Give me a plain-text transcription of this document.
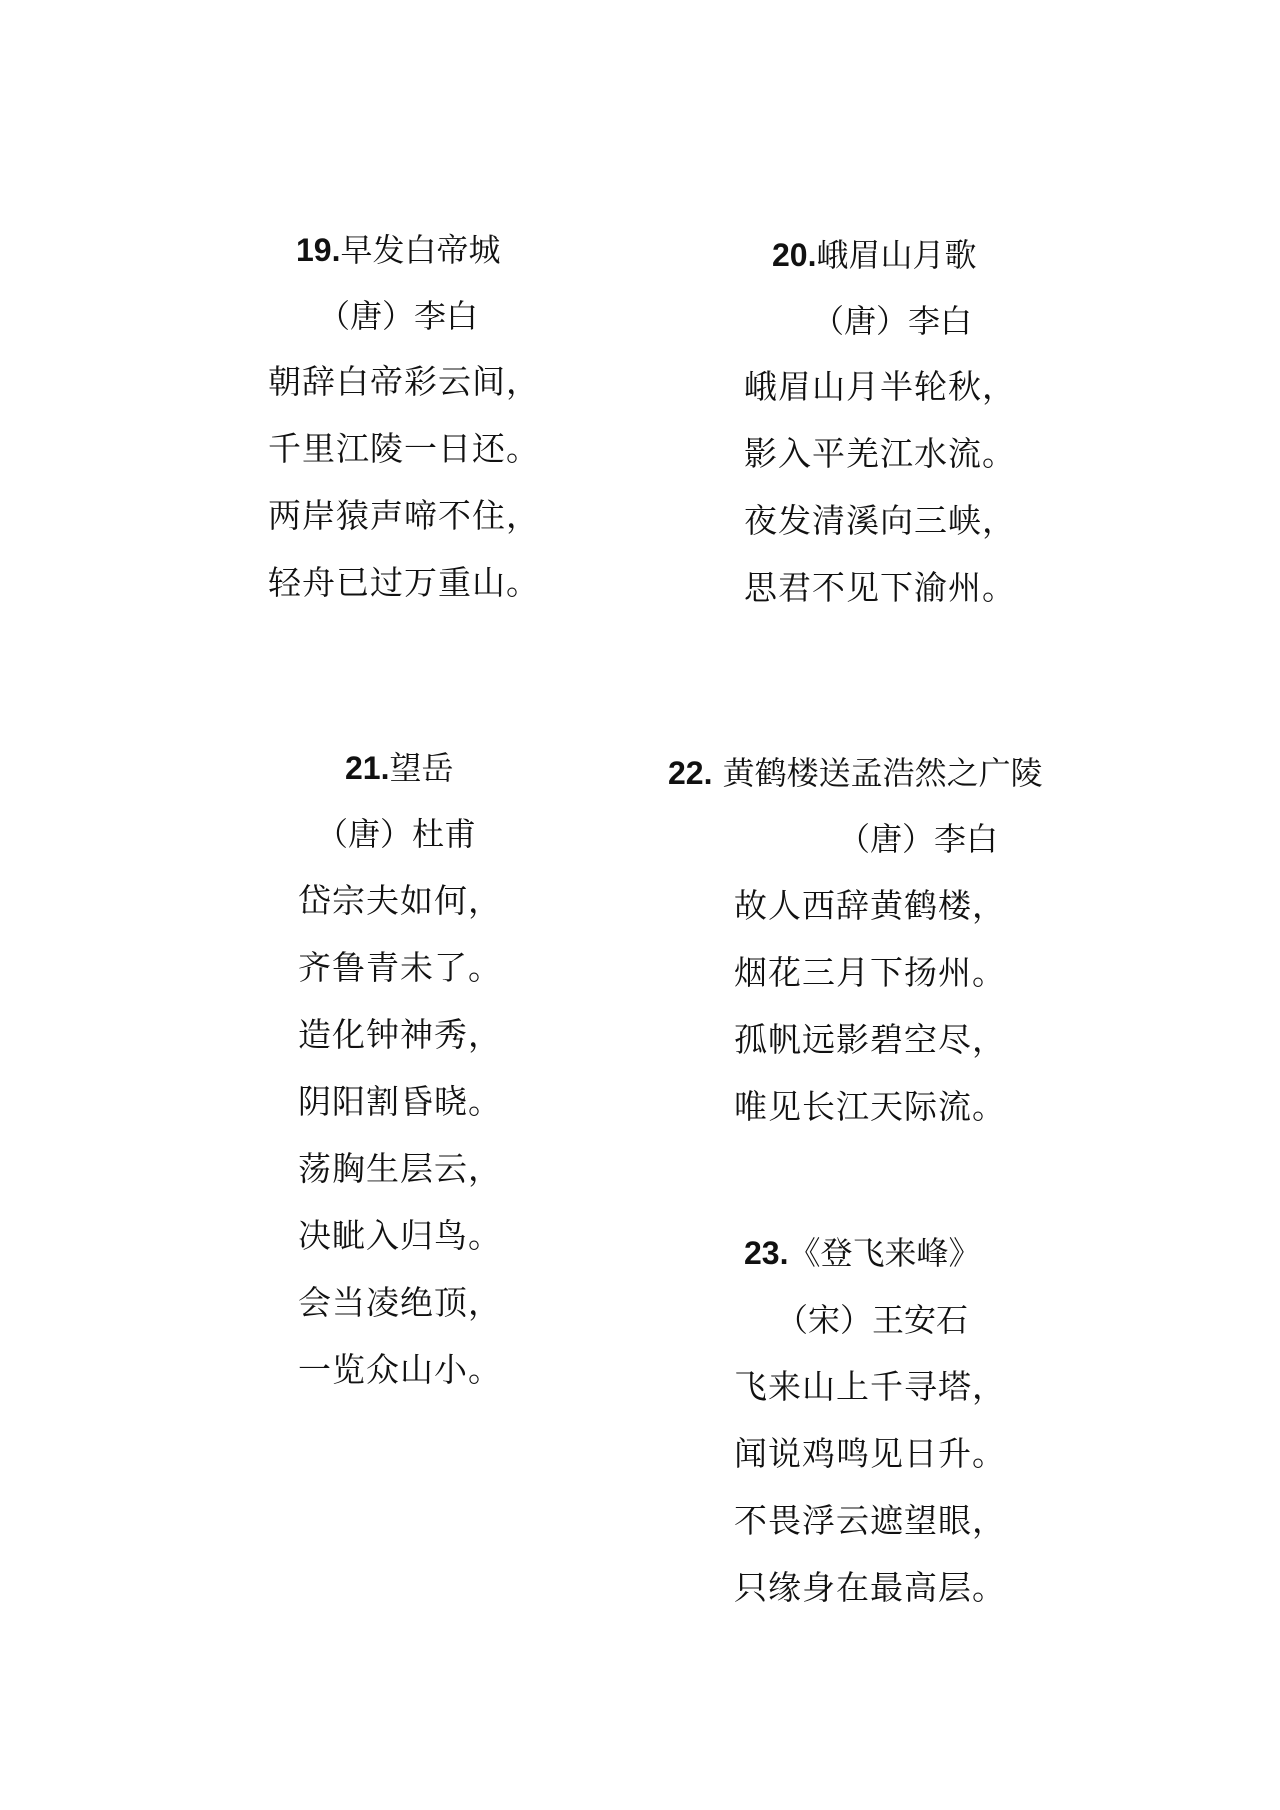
19.早发白帝城
（唐）李白
朝辞白帝彩云间，
千里江陵一日还。
两岸猿声啼不住，
轻舟已过万重山。
20.峨眉山月歌
（唐）李白
峨眉山月半轮秋，
影入平羌江水流。
夜发清溪向三峡，
思君不见下渝州。
21.望岳
（唐）杜甫
岱宗夫如何，
齐鲁青未了。
造化钟神秀，
阴阳割昏晓。
荡胸生层云，
决眦入归鸟。
会当凌绝顶，
一览众山小。
22. 黄鹤楼送孟浩然之广陵
（唐）李白
故人西辞黄鹤楼，
烟花三月下扬州。
孤帆远影碧空尽，
唯见长江天际流。
23.《登飞来峰》
（宋）王安石
飞来山上千寻塔，
闻说鸡鸣见日升。
不畏浮云遮望眼，
只缘身在最高层。
